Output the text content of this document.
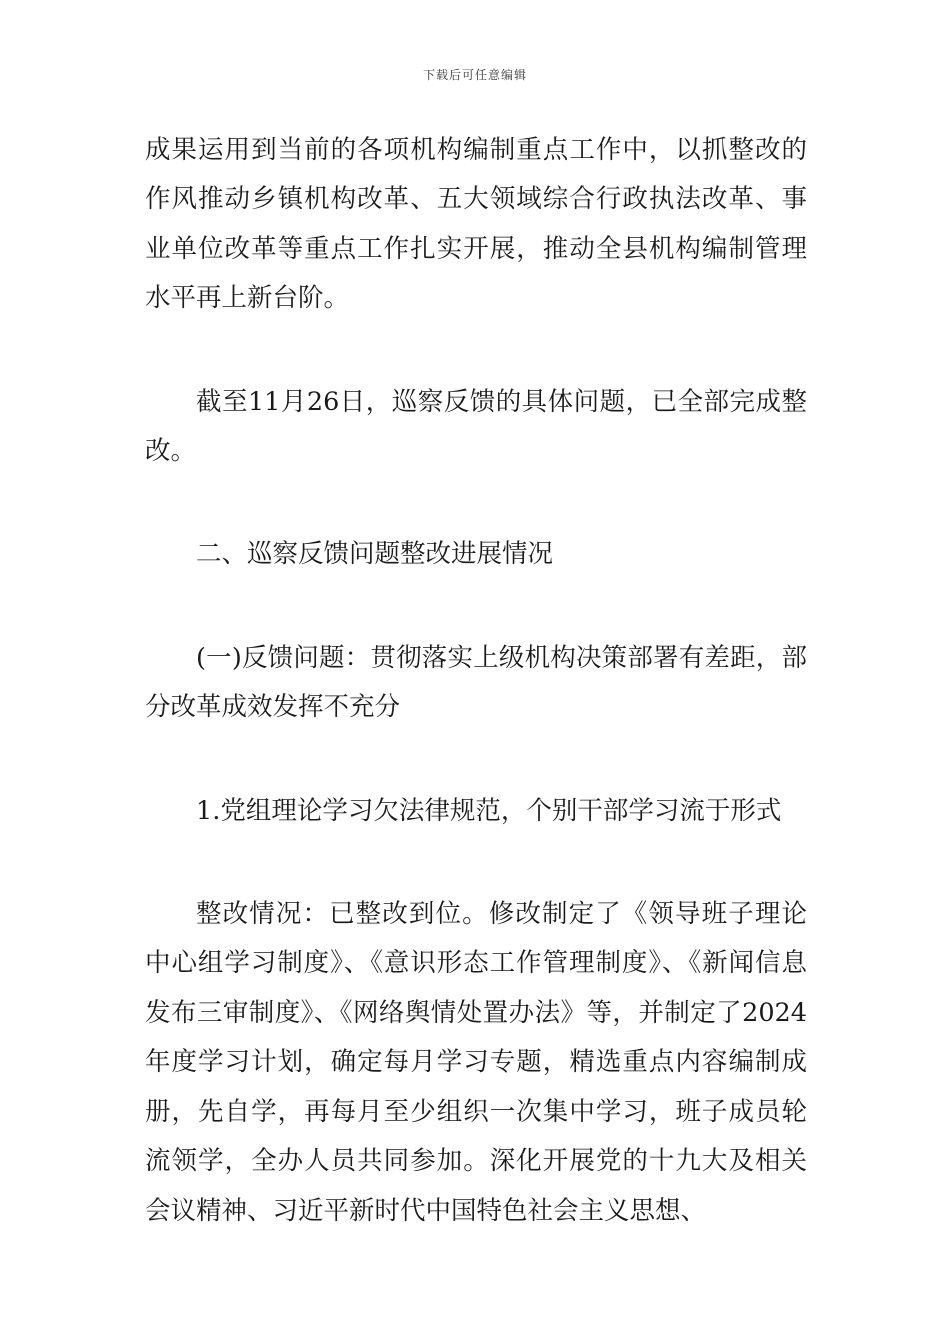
下载后可任意编辑

成果运用到当前的各项机构编制重点工作中，以抓整改的作风推动乡镇机构改革、五大领域综合行政执法改革、事业单位改革等重点工作扎实开展，推动全县机构编制管理水平再上新台阶。

截至11月26日，巡察反馈的具体问题，已全部完成整改。

二、巡察反馈问题整改进展情况

(一)反馈问题：贯彻落实上级机构决策部署有差距，部分改革成效发挥不充分

1.党组理论学习欠法律规范，个别干部学习流于形式

整改情况：已整改到位。修改制定了《领导班子理论中心组学习制度》、《意识形态工作管理制度》、《新闻信息发布三审制度》、《网络舆情处置办法》等，并制定了2024年度学习计划，确定每月学习专题，精选重点内容编制成册，先自学，再每月至少组织一次集中学习，班子成员轮流领学，全办人员共同参加。深化开展党的十九大及相关会议精神、习近平新时代中国特色社会主义思想、
